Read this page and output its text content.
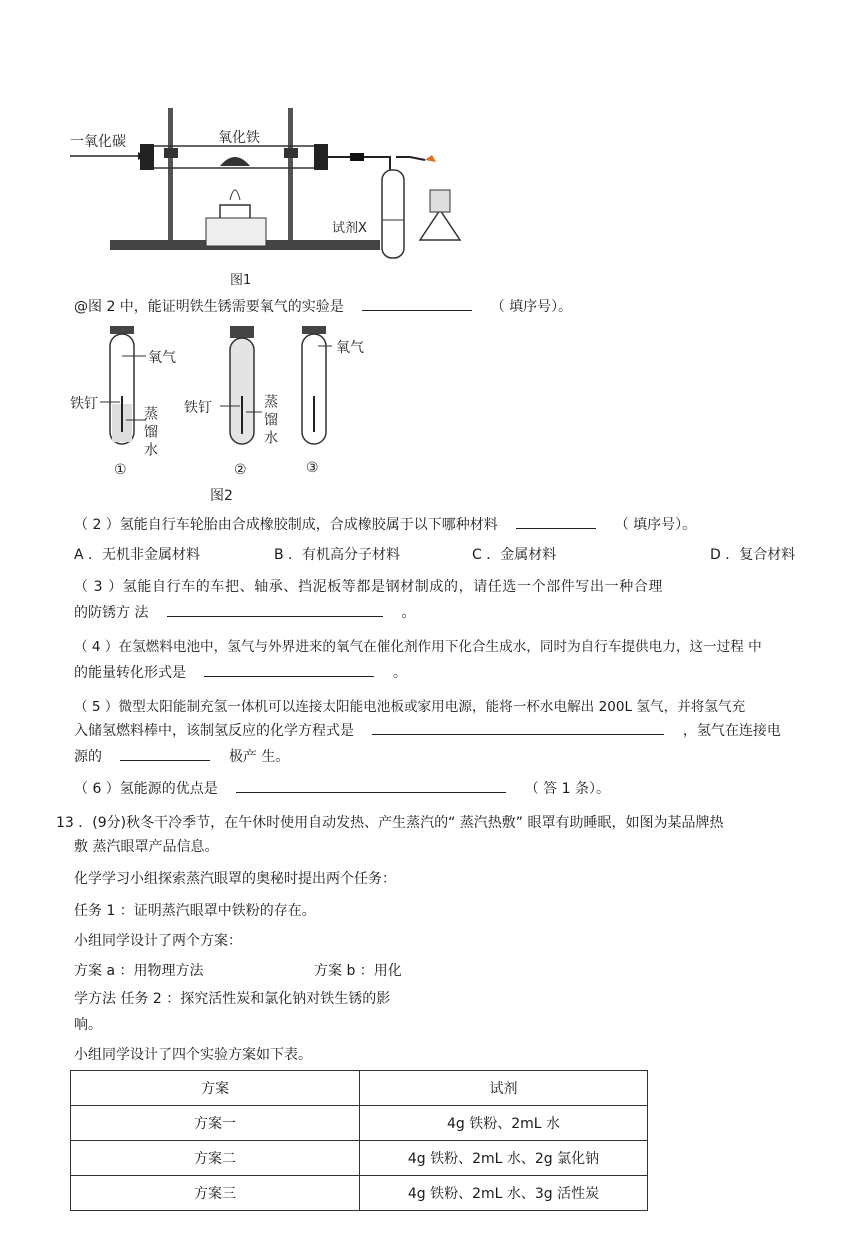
一氧化碳	氧化铁
试剂X
图1
@图 2 中，能证明铁生锈需要氧气的实验是	（ 填序号）。
氧气
铁钉
蒸馏水 铁钉	蒸馏水
氧气
①	②	③
图2
（ 2 ）氢能自行车轮胎由合成橡胶制成，合成橡胶属于以下哪种材料	（ 填序号）。
A ．无机非金属材料	B ．有机高分子材料	C ．金属材料	D ．复合材料
（ 3 ）氢能自行车的车把、轴承、挡泥板等都是钢材制成的，请任选一个部件写出一种合理
的防锈方 法	。
（ 4 ）在氢燃料电池中，氢气与外界进来的氧气在催化剂作用下化合生成水，同时为自行车提供电力，这一过程 中
的能量转化形式是	。
（ 5 ）微型太阳能制充氢一体机可以连接太阳能电池板或家用电源，能将一杯水电解出 200L 氢气，并将氢气充
入储氢燃料棒中，该制氢反应的化学方程式是	，氢气在连接电
源的	极产 生。
（ 6 ）氢能源的优点是	（ 答 1 条）。
13 ．(9分)秋冬干冷季节，在午休时使用自动发热、产生蒸汽的“ 蒸汽热敷” 眼罩有助睡眠，如图为某品牌热
敷 蒸汽眼罩产品信息。
化学学习小组探索蒸汽眼罩的奥秘时提出两个任务：
任务 1 ：证明蒸汽眼罩中铁粉的存在。
小组同学设计了两个方案：
方案 a ：用物理方法	方案 b ：用化
学方法 任务 2 ：探究活性炭和氯化钠对铁生锈的影
响。
小组同学设计了四个实验方案如下表。
方案	试剂
方案一	4g 铁粉、2mL 水
方案二	4g 铁粉、2mL 水、2g 氯化钠
方案三	4g 铁粉、2mL 水、3g 活性炭
